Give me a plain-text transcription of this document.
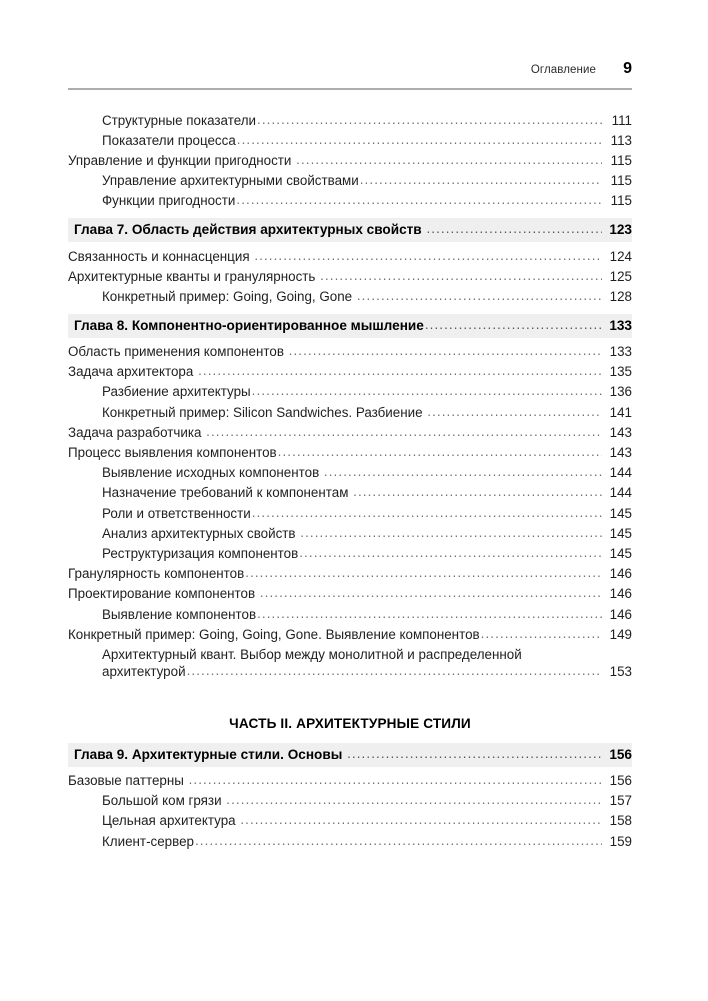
Оглавление	9
Структурные показатели .....	111
Показатели процесса .....	113
Управление и функции пригодности .....	115
Управление архитектурными свойствами .....	115
Функции пригодности .....	115
Глава 7. Область действия архитектурных свойств .....	123
Связанность и коннасценция .....	124
Архитектурные кванты и гранулярность .....	125
Конкретный пример: Going, Going, Gone .....	128
Глава 8. Компонентно-ориентированное мышление .....	133
Область применения компонентов .....	133
Задача архитектора .....	135
Разбиение архитектуры .....	136
Конкретный пример: Silicon Sandwiches. Разбиение .....	141
Задача разработчика .....	143
Процесс выявления компонентов .....	143
Выявление исходных компонентов .....	144
Назначение требований к компонентам .....	144
Роли и ответственности .....	145
Анализ архитектурных свойств .....	145
Реструктуризация компонентов .....	145
Гранулярность компонентов .....	146
Проектирование компонентов .....	146
Выявление компонентов .....	146
Конкретный пример: Going, Going, Gone. Выявление компонентов .....	149
Архитектурный квант. Выбор между монолитной и распределенной
архитектурой .....	153
ЧАСТЬ II. АРХИТЕКТУРНЫЕ СТИЛИ
Глава 9. Архитектурные стили. Основы .....	156
Базовые паттерны .....	156
Большой ком грязи .....	157
Цельная архитектура .....	158
Клиент-сервер .....	159
